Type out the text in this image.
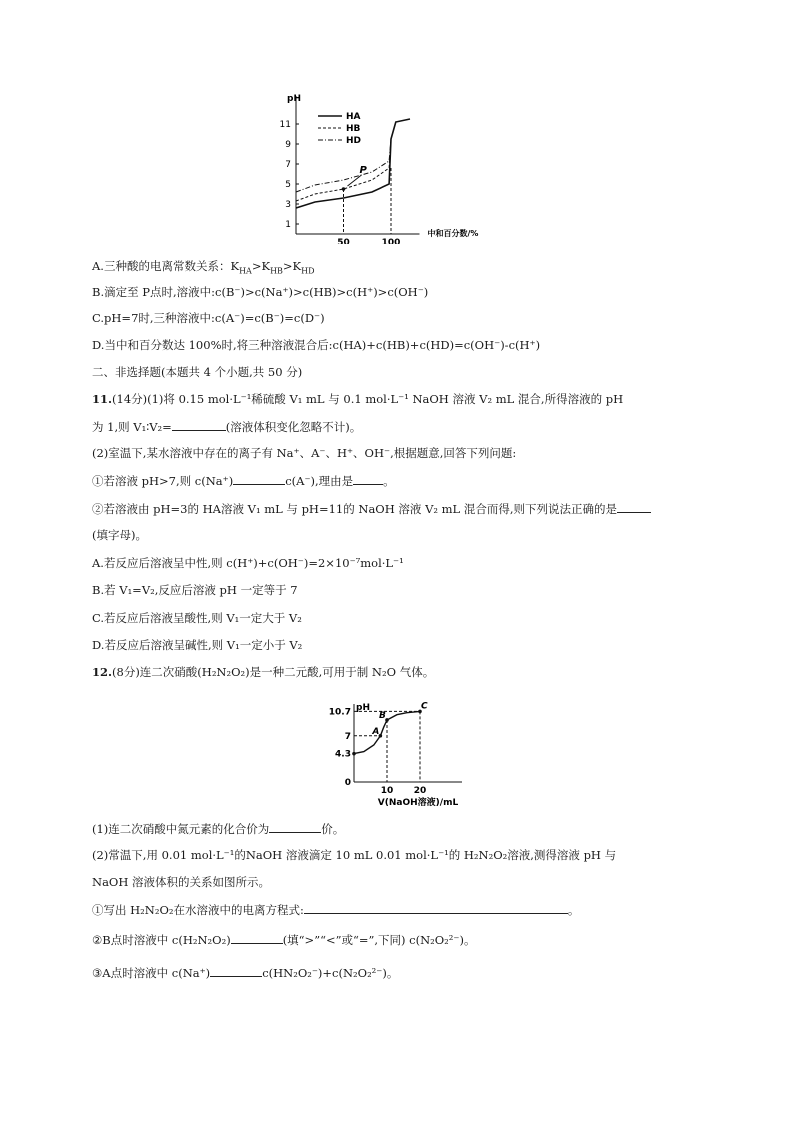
pH
中和百分数/%
1
3
5
7
9
11
50	100
HA
HB
HD
P
A.三种酸的电离常数关系：$K_{HA}>K_{HB}>K_{HD}$
B.滴定至 P点时,溶液中:c(B⁻)>c(Na⁺)>c(HB)>c(H⁺)>c(OH⁻)
C.pH=7时,三种溶液中:c(A⁻)=c(B⁻)=c(D⁻)
D.当中和百分数达 100%时,将三种溶液混合后:c(HA)+c(HB)+c(HD)=c(OH⁻)-c(H⁺)
二、非选择题(本题共 4 个小题,共 50 分)
11.(14分)(1)将 0.15 mol·L⁻¹稀硫酸 V₁ mL 与 0.1 mol·L⁻¹ NaOH 溶液 V₂ mL 混合,所得溶液的 pH
为 1,则 V₁∶V₂=	(溶液体积变化忽略不计)。
(2)室温下,某水溶液中存在的离子有 Na⁺、A⁻、H⁺、OH⁻,根据题意,回答下列问题:
①若溶液 pH>7,则 c(Na⁺)	c(A⁻),理由是	。
②若溶液由 pH=3的 HA溶液 V₁ mL 与 pH=11的 NaOH 溶液 V₂ mL 混合而得,则下列说法正确的是
(填字母)。
A.若反应后溶液呈中性,则 c(H⁺)+c(OH⁻)=2×10⁻⁷mol·L⁻¹
B.若 V₁=V₂,反应后溶液 pH 一定等于 7
C.若反应后溶液呈酸性,则 V₁一定大于 V₂
D.若反应后溶液呈碱性,则 V₁一定小于 V₂
12.(8分)连二次硝酸(H₂N₂O₂)是一种二元酸,可用于制 N₂O 气体。
pH
V(NaOH溶液)/mL
0
4.3
7
10.7
10 20
A
B
C
(1)连二次硝酸中氮元素的化合价为	价。
(2)常温下,用 0.01 mol·L⁻¹的NaOH 溶液滴定 10 mL 0.01 mol·L⁻¹的 H₂N₂O₂溶液,测得溶液 pH 与
NaOH 溶液体积的关系如图所示。
①写出 H₂N₂O₂在水溶液中的电离方程式:	。
②B点时溶液中 c(H₂N₂O₂)	(填“>”“<”或“=”,下同) c(N₂O₂²⁻)。
③A点时溶液中 c(Na⁺)	c(HN₂O₂⁻)+c(N₂O₂²⁻)。
